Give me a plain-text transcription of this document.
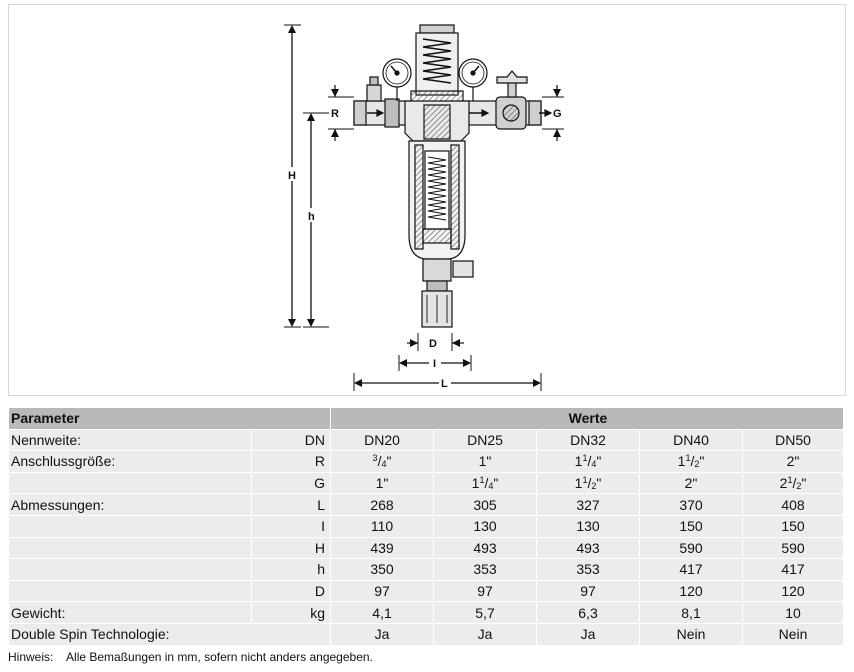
H
h
R	G
D
I
L
Parameter		Werte				
Nennweite:	DN	DN20	DN25	DN32	DN40	DN50
Anschlussgröße:	R	$^3/_4$"	1"	$1^1/_4$"	$1^1/_2$"	2"
	G	1"	$1^1/_4$"	$1^1/_2$"	2"	$2^1/_2$"
Abmessungen:	L	268	305	327	370	408
	I	110	130	130	150	150
	H	439	493	493	590	590
	h	350	353	353	417	417
	D	97	97	97	120	120
Gewicht:	kg	4,1	5,7	6,3	8,1	10
Double Spin Technologie:		Ja	Ja	Ja	Nein	Nein
Hinweis: Alle Bemaßungen in mm, sofern nicht anders angegeben.
